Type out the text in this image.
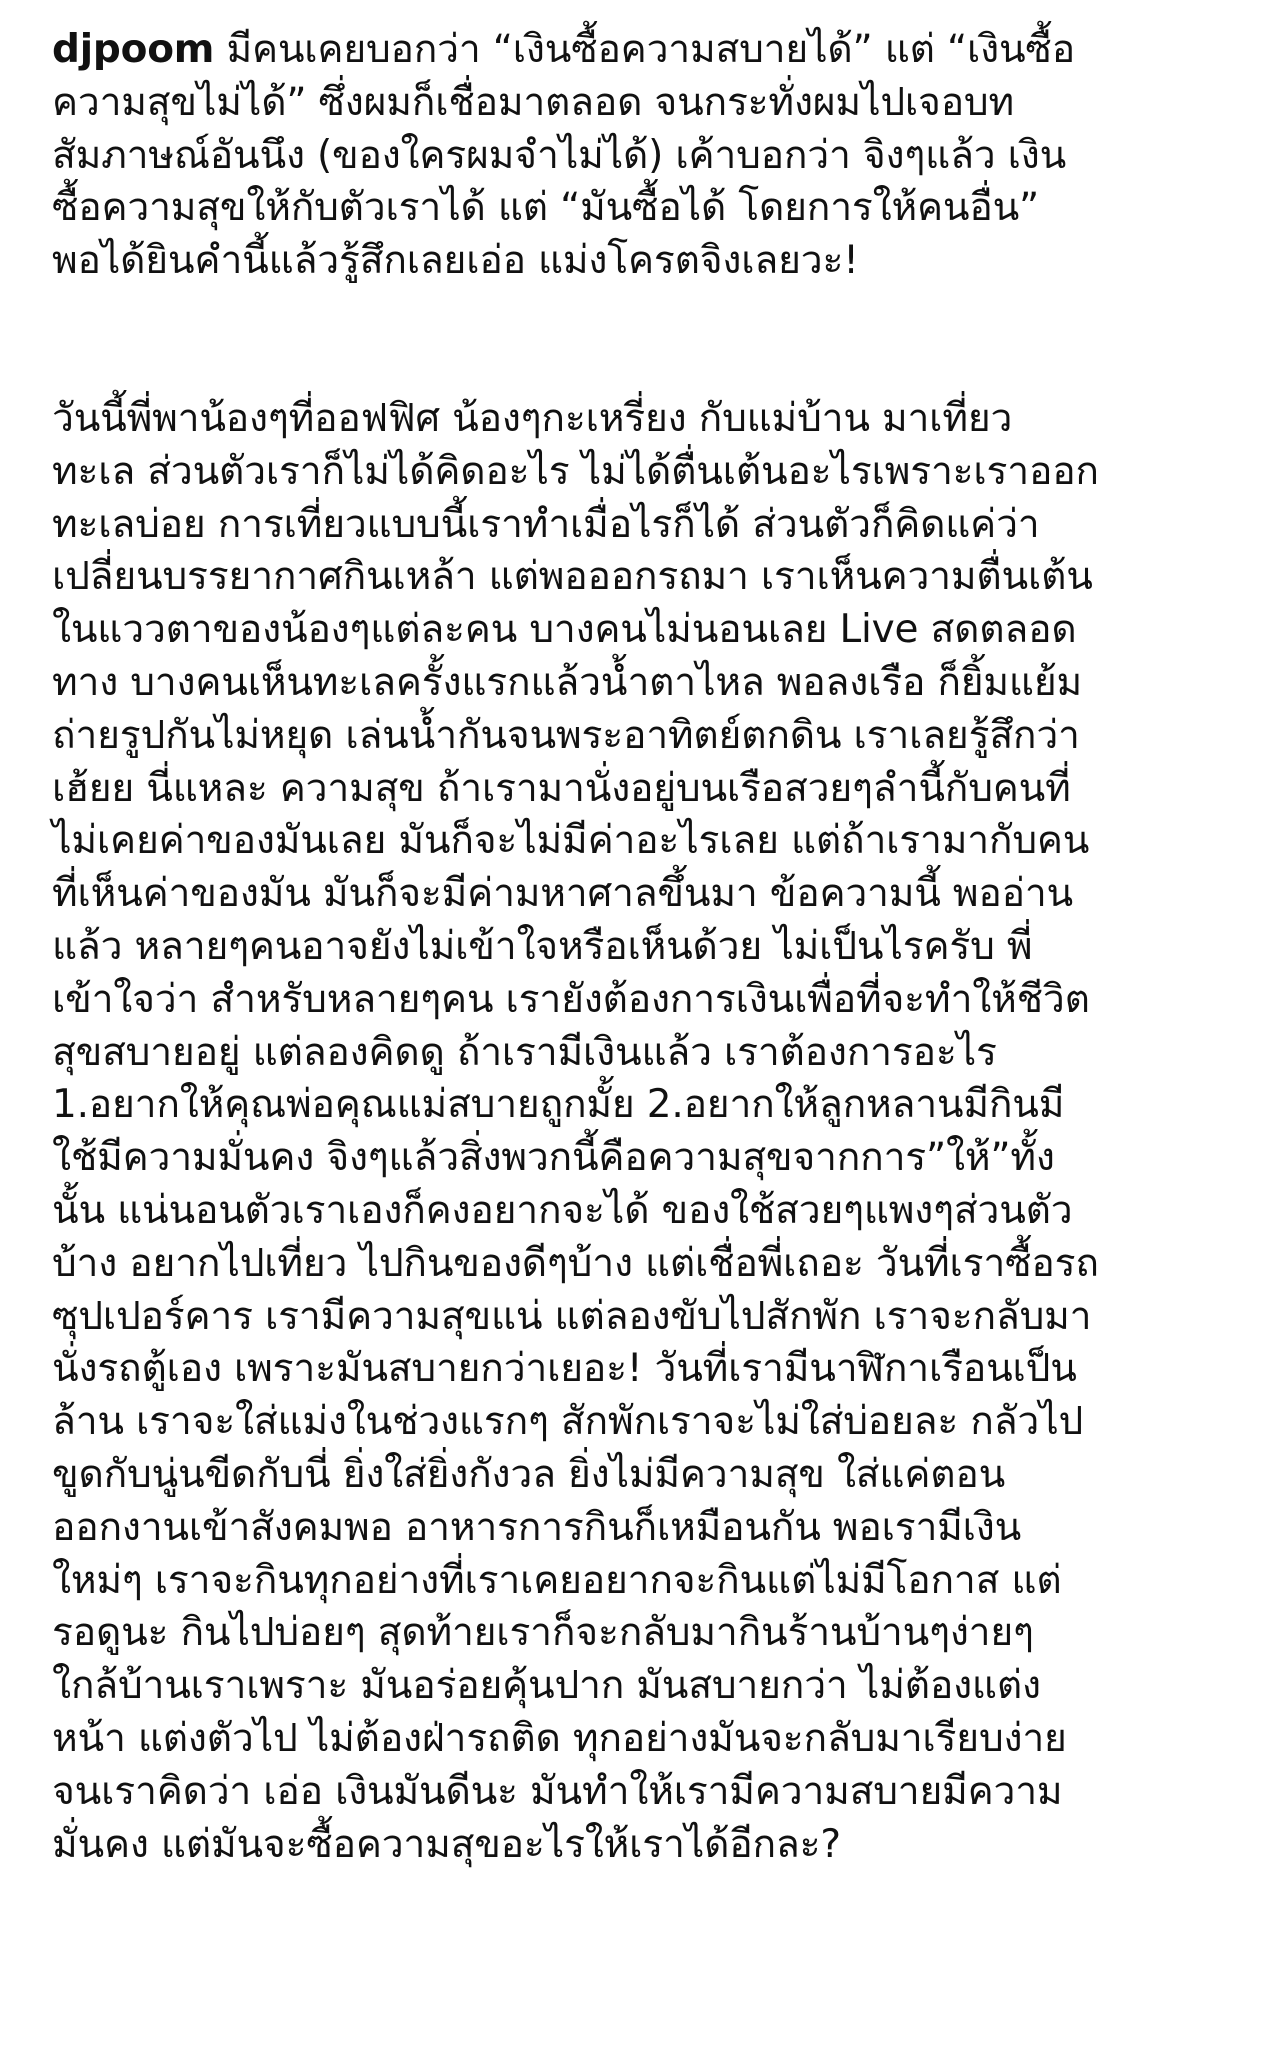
djpoom มีคนเคยบอกว่า “เงินซื้อความสบายได้” แต่ “เงินซื้อ
ความสุขไม่ได้” ซึ่งผมก็เชื่อมาตลอด จนกระทั่งผมไปเจอบท
สัมภาษณ์อันนึง (ของใครผมจำไม่ได้) เค้าบอกว่า จิงๆแล้ว เงิน
ซื้อความสุขให้กับตัวเราได้ แต่ “มันซื้อได้ โดยการให้คนอื่น”
พอได้ยินคำนี้แล้วรู้สึกเลยเอ่อ แม่งโครตจิงเลยวะ!
วันนี้พี่พาน้องๆที่ออฟฟิศ น้องๆกะเหรี่ยง กับแม่บ้าน มาเที่ยว
ทะเล ส่วนตัวเราก็ไม่ได้คิดอะไร ไม่ได้ตื่นเต้นอะไรเพราะเราออก
ทะเลบ่อย การเที่ยวแบบนี้เราทำเมื่อไรก็ได้ ส่วนตัวก็คิดแค่ว่า
เปลี่ยนบรรยากาศกินเหล้า แต่พอออกรถมา เราเห็นความตื่นเต้น
ในแววตาของน้องๆแต่ละคน บางคนไม่นอนเลย Live สดตลอด
ทาง บางคนเห็นทะเลครั้งแรกแล้วน้ำตาไหล พอลงเรือ ก็ยิ้มแย้ม
ถ่ายรูปกันไม่หยุด เล่นน้ำกันจนพระอาทิตย์ตกดิน เราเลยรู้สึกว่า
เฮ้ยย นี่แหละ ความสุข ถ้าเรามานั่งอยู่บนเรือสวยๆลำนี้กับคนที่
ไม่เคยค่าของมันเลย มันก็จะไม่มีค่าอะไรเลย แต่ถ้าเรามากับคน
ที่เห็นค่าของมัน มันก็จะมีค่ามหาศาลขึ้นมา ข้อความนี้ พออ่าน
แล้ว หลายๆคนอาจยังไม่เข้าใจหรือเห็นด้วย ไม่เป็นไรครับ พี่
เข้าใจว่า สำหรับหลายๆคน เรายังต้องการเงินเพื่อที่จะทำให้ชีวิต
สุขสบายอยู่ แต่ลองคิดดู ถ้าเรามีเงินแล้ว เราต้องการอะไร
1.อยากให้คุณพ่อคุณแม่สบายถูกมั้ย 2.อยากให้ลูกหลานมีกินมี
ใช้มีความมั่นคง จิงๆแล้วสิ่งพวกนี้คือความสุขจากการ”ให้”ทั้ง
นั้น แน่นอนตัวเราเองก็คงอยากจะได้ ของใช้สวยๆแพงๆส่วนตัว
บ้าง อยากไปเที่ยว ไปกินของดีๆบ้าง แต่เชื่อพี่เถอะ วันที่เราซื้อรถ
ซุปเปอร์คาร เรามีความสุขแน่ แต่ลองขับไปสักพัก เราจะกลับมา
นั่งรถตู้เอง เพราะมันสบายกว่าเยอะ! วันที่เรามีนาฬิกาเรือนเป็น
ล้าน เราจะใส่แม่งในช่วงแรกๆ สักพักเราจะไม่ใส่บ่อยละ กลัวไป
ขูดกับนู่นขีดกับนี่ ยิ่งใส่ยิ่งกังวล ยิ่งไม่มีความสุข ใส่แค่ตอน
ออกงานเข้าสังคมพอ อาหารการกินก็เหมือนกัน พอเรามีเงิน
ใหม่ๆ เราจะกินทุกอย่างที่เราเคยอยากจะกินแต่ไม่มีโอกาส แต่
รอดูนะ กินไปบ่อยๆ สุดท้ายเราก็จะกลับมากินร้านบ้านๆง่ายๆ
ใกล้บ้านเราเพราะ มันอร่อยคุ้นปาก มันสบายกว่า ไม่ต้องแต่ง
หน้า แต่งตัวไป ไม่ต้องฝ่ารถติด ทุกอย่างมันจะกลับมาเรียบง่าย
จนเราคิดว่า เอ่อ เงินมันดีนะ มันทำให้เรามีความสบายมีความ
มั่นคง แต่มันจะซื้อความสุขอะไรให้เราได้อีกละ?
